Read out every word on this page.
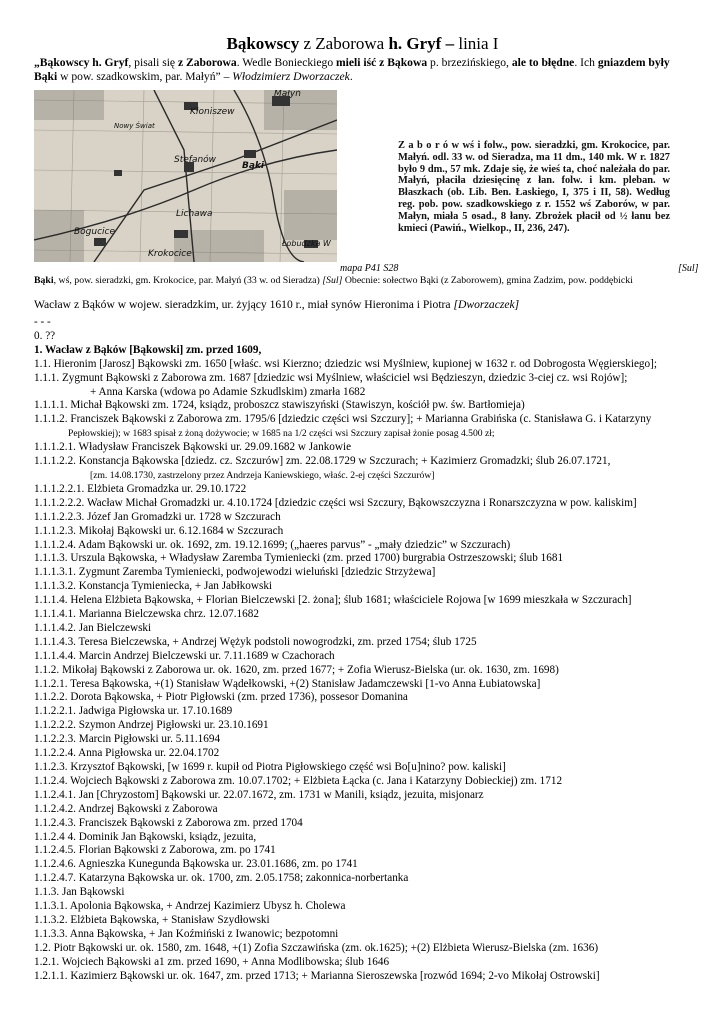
Bąkowscy z Zaborowa h. Gryf – linia I
„Bąkowscy h. Gryf, pisali się z Zaborowa. Wedle Bonieckiego mieli iść z Bąkowa p. brzezińskiego, ale to błędne. Ich gniazdem były Bąki w pow. szadkowskim, par. Małyń” – Włodzimierz Dworzaczek.
Małyń
Kłoniszew
Nowy Świat
Stefanów
Bąki
Lichawa
Bogucice
Krokocice
Łobudzka W
mapa P41 S28
Z a b o r ó w wś i folw., pow. sieradzki, gm. Krokocice, par. Małyń. odl. 33 w. od Sieradza, ma 11 dm., 140 mk. W r. 1827 było 9 dm., 57 mk. Zdaje się, że wieś ta, choć należała do par. Małyń, płaciła dziesięcinę z łan. folw. i km. pleban. w Błaszkach (ob. Lib. Ben. Łaskiego, I, 375 i II, 58). Według reg. pob. pow. szadkowskiego z r. 1552 wś Zaborów, w par. Małyn, miała 5 osad., 8 łany. Zbrożek płacił od ½ łanu bez kmieci (Pawiń., Wielkop., II, 236, 247).
[Sul]
Bąki, wś, pow. sieradzki, gm. Krokocice, par. Małyń (33 w. od Sieradza) [Sul] Obecnie: sołectwo Bąki (z Zaborowem), gmina Zadzim, pow. poddębicki
Wacław z Bąków w wojew. sieradzkim, ur. żyjący 1610 r., miał synów Hieronima i Piotra [Dworzaczek]
- - -
0. ??
1. Wacław z Bąków [Bąkowski] zm. przed 1609,
1.1. Hieronim [Jarosz] Bąkowski zm. 1650 [właśc. wsi Kierzno; dziedzic wsi Myślniew, kupionej w 1632 r. od Dobrogosta Węgierskiego];
1.1.1. Zygmunt Bąkowski z Zaborowa zm. 1687 [dziedzic wsi Myślniew, właściciel wsi Będzieszyn, dziedzic 3-ciej cz. wsi Rojów];
+ Anna Karska (wdowa po Adamie Szkudlskim) zmarła 1682
1.1.1.1. Michał Bąkowski zm. 1724, ksiądz, proboszcz stawiszyński (Stawiszyn, kościół pw. św. Bartłomieja)
1.1.1.2. Franciszek Bąkowski z Zaborowa zm. 1795/6 [dziedzic części wsi Szczury]; + Marianna Grabińska (c. Stanisława G. i Katarzyny
Pepłowskiej); w 1683 spisał z żoną dożywocie; w 1685 na 1/2 części wsi Szczury zapisał żonie posag 4.500 zł;
1.1.1.2.1. Władysław Franciszek Bąkowski ur. 29.09.1682 w Jankowie
1.1.1.2.2. Konstancja Bąkowska [dziedz. cz. Szczurów] zm. 22.08.1729 w Szczurach; + Kazimierz Gromadzki; ślub 26.07.1721,
[zm. 14.08.1730, zastrzelony przez Andrzeja Kaniewskiego, właśc. 2-ej części Szczurów]
1.1.1.2.2.1. Elżbieta Gromadzka ur. 29.10.1722
1.1.1.2.2.2. Wacław Michał Gromadzki ur. 4.10.1724 [dziedzic części wsi Szczury, Bąkowszczyzna i Ronarszczyzna w pow. kaliskim]
1.1.1.2.2.3. Józef Jan Gromadzki ur. 1728 w Szczurach
1.1.1.2.3. Mikołaj Bąkowski ur. 6.12.1684 w Szczurach
1.1.1.2.4. Adam Bąkowski ur. ok. 1692, zm. 19.12.1699; („haeres parvus” - „mały dziedzic” w Szczurach)
1.1.1.3. Urszula Bąkowska, + Władysław Zaremba Tymieniecki (zm. przed 1700) burgrabia Ostrzeszowski; ślub 1681
1.1.1.3.1. Zygmunt Zaremba Tymieniecki, podwojewodzi wieluński [dziedzic Strzyżewa]
1.1.1.3.2. Konstancja Tymieniecka, + Jan Jabłkowski
1.1.1.4. Helena Elżbieta Bąkowska, + Florian Bielczewski [2. żona]; ślub 1681; właściciele Rojowa [w 1699 mieszkała w Szczurach]
1.1.1.4.1. Marianna Bielczewska chrz. 12.07.1682
1.1.1.4.2. Jan Bielczewski
1.1.1.4.3. Teresa Bielczewska, + Andrzej Wężyk podstoli nowogrodzki, zm. przed 1754; ślub 1725
1.1.1.4.4. Marcin Andrzej Bielczewski ur. 7.11.1689 w Czachorach
1.1.2. Mikołaj Bąkowski z Zaborowa ur. ok. 1620, zm. przed 1677; + Zofia Wierusz-Bielska (ur. ok. 1630, zm. 1698)
1.1.2.1. Teresa Bąkowska, +(1) Stanisław Wądełkowski, +(2) Stanisław Jadamczewski [1-vo Anna Łubiatowska]
1.1.2.2. Dorota Bąkowska, + Piotr Pigłowski (zm. przed 1736), possesor Domanina
1.1.2.2.1. Jadwiga Pigłowska ur. 17.10.1689
1.1.2.2.2. Szymon Andrzej Pigłowski ur. 23.10.1691
1.1.2.2.3. Marcin Pigłowski ur. 5.11.1694
1.1.2.2.4. Anna Pigłowska ur. 22.04.1702
1.1.2.3. Krzysztof Bąkowski, [w 1699 r. kupił od Piotra Pigłowskiego część wsi Bo[u]nino? pow. kaliski]
1.1.2.4. Wojciech Bąkowski z Zaborowa zm. 10.07.1702; + Elżbieta Łącka (c. Jana i Katarzyny Dobieckiej) zm. 1712
1.1.2.4.1. Jan [Chryzostom] Bąkowski ur. 22.07.1672, zm. 1731 w Manili, ksiądz, jezuita, misjonarz
1.1.2.4.2. Andrzej Bąkowski z Zaborowa
1.1.2.4.3. Franciszek Bąkowski z Zaborowa zm. przed 1704
1.1.2.4 4. Dominik Jan Bąkowski, ksiądz, jezuita,
1.1.2.4.5. Florian Bąkowski z Zaborowa, zm. po 1741
1.1.2.4.6. Agnieszka Kunegunda Bąkowska ur. 23.01.1686, zm. po 1741
1.1.2.4.7. Katarzyna Bąkowska ur. ok. 1700, zm. 2.05.1758; zakonnica-norbertanka
1.1.3. Jan Bąkowski
1.1.3.1. Apolonia Bąkowska, + Andrzej Kazimierz Ubysz h. Cholewa
1.1.3.2. Elżbieta Bąkowska, + Stanisław Szydłowski
1.1.3.3. Anna Bąkowska, + Jan Koźmiński z Iwanowic; bezpotomni
1.2. Piotr Bąkowski ur. ok. 1580, zm. 1648, +(1) Zofia Szczawińska (zm. ok.1625); +(2) Elżbieta Wierusz-Bielska (zm. 1636)
1.2.1. Wojciech Bąkowski a1 zm. przed 1690, + Anna Modlibowska; ślub 1646
1.2.1.1. Kazimierz Bąkowski ur. ok. 1647, zm. przed 1713; + Marianna Sieroszewska [rozwód 1694; 2-vo Mikołaj Ostrowski]
